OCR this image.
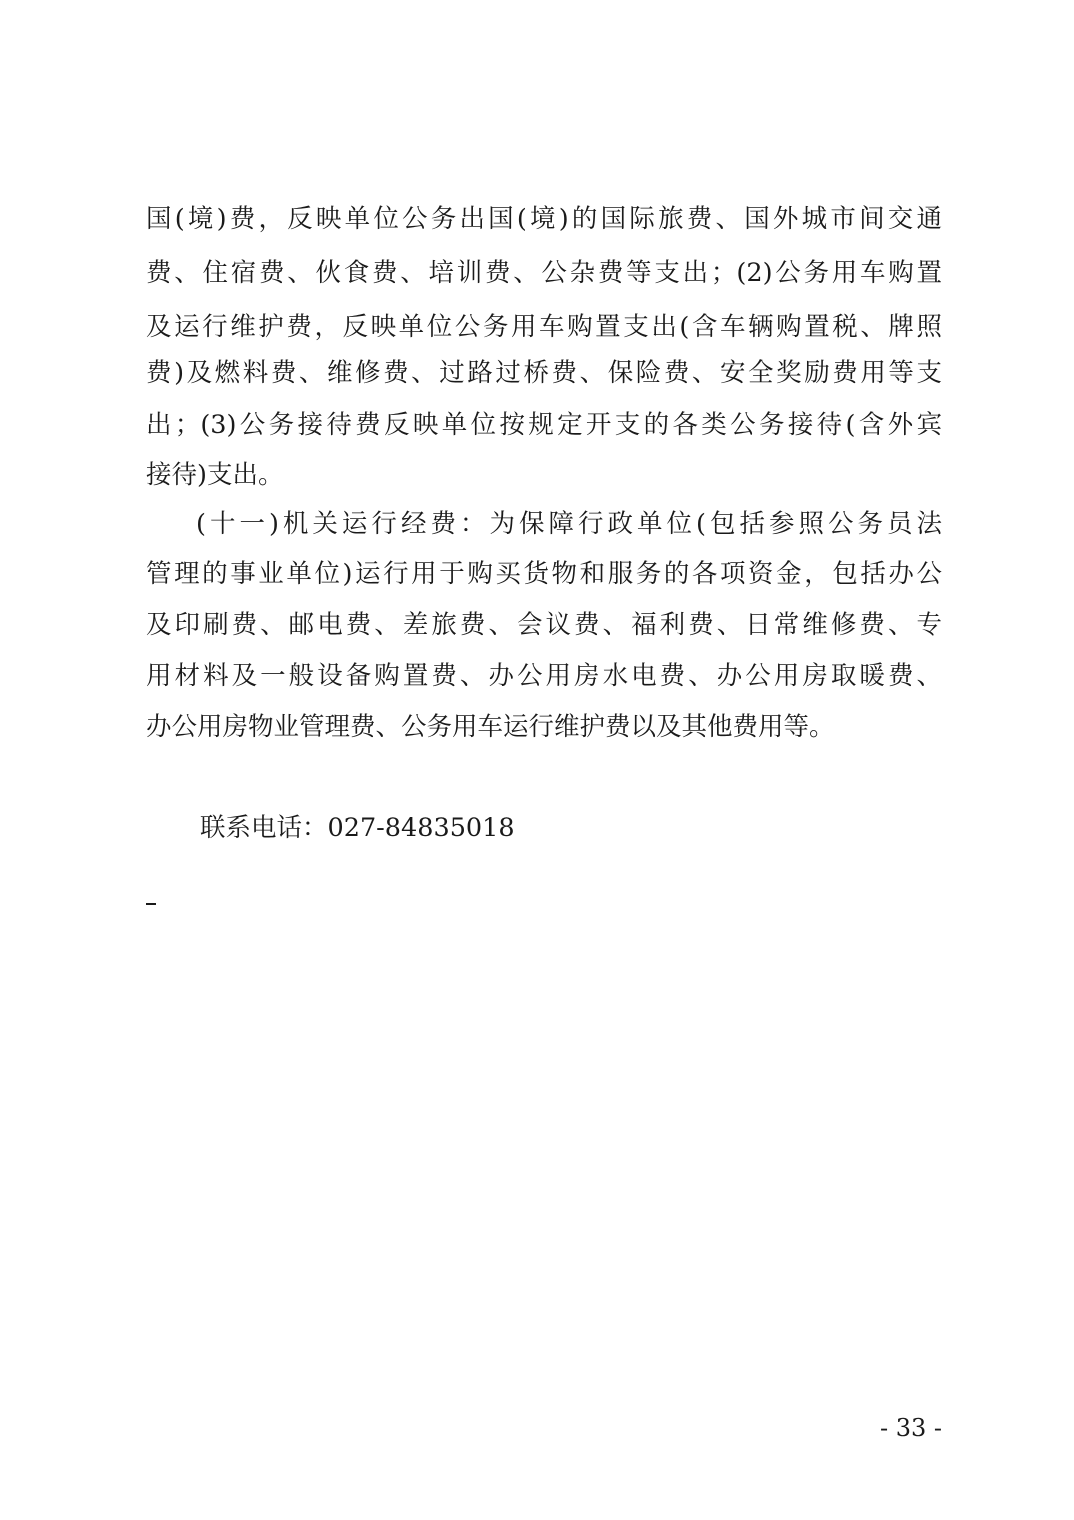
国(境)费，反映单位公务出国(境)的国际旅费、国外城市间交通
费、住宿费、伙食费、培训费、公杂费等支出；(2)公务用车购置
及运行维护费，反映单位公务用车购置支出(含车辆购置税、牌照
费)及燃料费、维修费、过路过桥费、保险费、安全奖励费用等支
出；(3)公务接待费反映单位按规定开支的各类公务接待(含外宾
接待)支出。
(十一)机关运行经费：为保障行政单位(包括参照公务员法
管理的事业单位)运行用于购买货物和服务的各项资金，包括办公
及印刷费、邮电费、差旅费、会议费、福利费、日常维修费、专
用材料及一般设备购置费、办公用房水电费、办公用房取暖费、
办公用房物业管理费、公务用车运行维护费以及其他费用等。
联系电话：027-84835018
- 33 -
